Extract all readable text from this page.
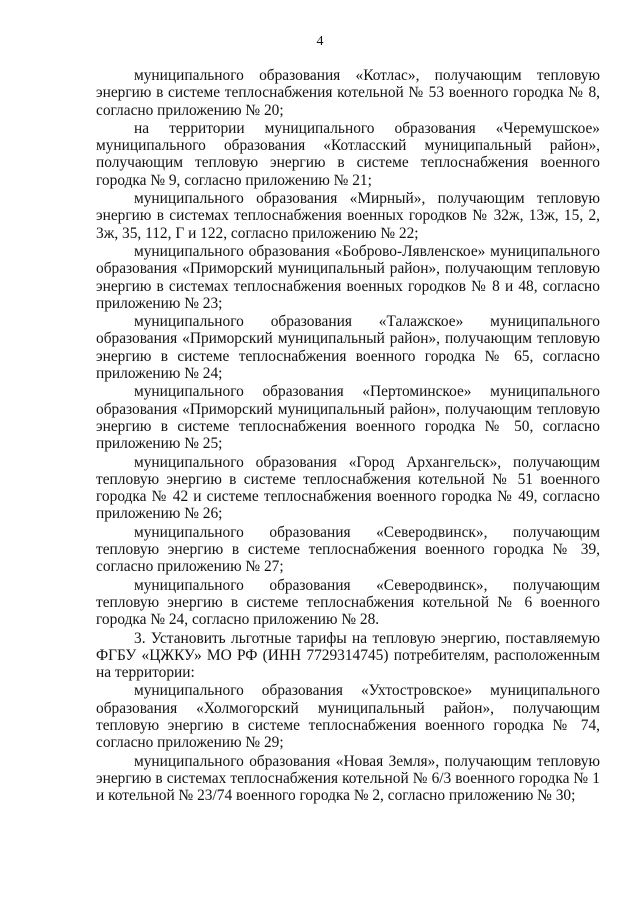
4

муниципального образования «Котлас», получающим тепловую энергию в системе теплоснабжения котельной № 53 военного городка № 8, согласно приложению № 20;

на территории муниципального образования «Черемушское» муниципального образования «Котласский муниципальный район», получающим тепловую энергию в системе теплоснабжения военного городка № 9, согласно приложению № 21;

муниципального образования «Мирный», получающим тепловую энергию в системах теплоснабжения военных городков № 32ж, 13ж, 15, 2, 3ж, 35, 112, Г и 122, согласно приложению № 22;

муниципального образования «Боброво-Лявленское» муниципального образования «Приморский муниципальный район», получающим тепловую энергию в системах теплоснабжения военных городков № 8 и 48, согласно приложению № 23;

муниципального образования «Талажское» муниципального образования «Приморский муниципальный район», получающим тепловую энергию в системе теплоснабжения военного городка № 65, согласно приложению № 24;

муниципального образования «Пертоминское» муниципального образования «Приморский муниципальный район», получающим тепловую энергию в системе теплоснабжения военного городка № 50, согласно приложению № 25;

муниципального образования «Город Архангельск», получающим тепловую энергию в системе теплоснабжения котельной № 51 военного городка № 42 и системе теплоснабжения военного городка № 49, согласно приложению № 26;

муниципального образования «Северодвинск», получающим тепловую энергию в системе теплоснабжения военного городка № 39, согласно приложению № 27;

муниципального образования «Северодвинск», получающим тепловую энергию в системе теплоснабжения котельной № 6 военного городка № 24, согласно приложению № 28.

3. Установить льготные тарифы на тепловую энергию, поставляемую ФГБУ «ЦЖКУ» МО РФ (ИНН 7729314745) потребителям, расположенным на территории:

муниципального образования «Ухтостровское» муниципального образования «Холмогорский муниципальный район», получающим тепловую энергию в системе теплоснабжения военного городка № 74, согласно приложению № 29;

муниципального образования «Новая Земля», получающим тепловую энергию в системах теплоснабжения котельной № 6/3 военного городка № 1 и котельной № 23/74 военного городка № 2, согласно приложению № 30;
